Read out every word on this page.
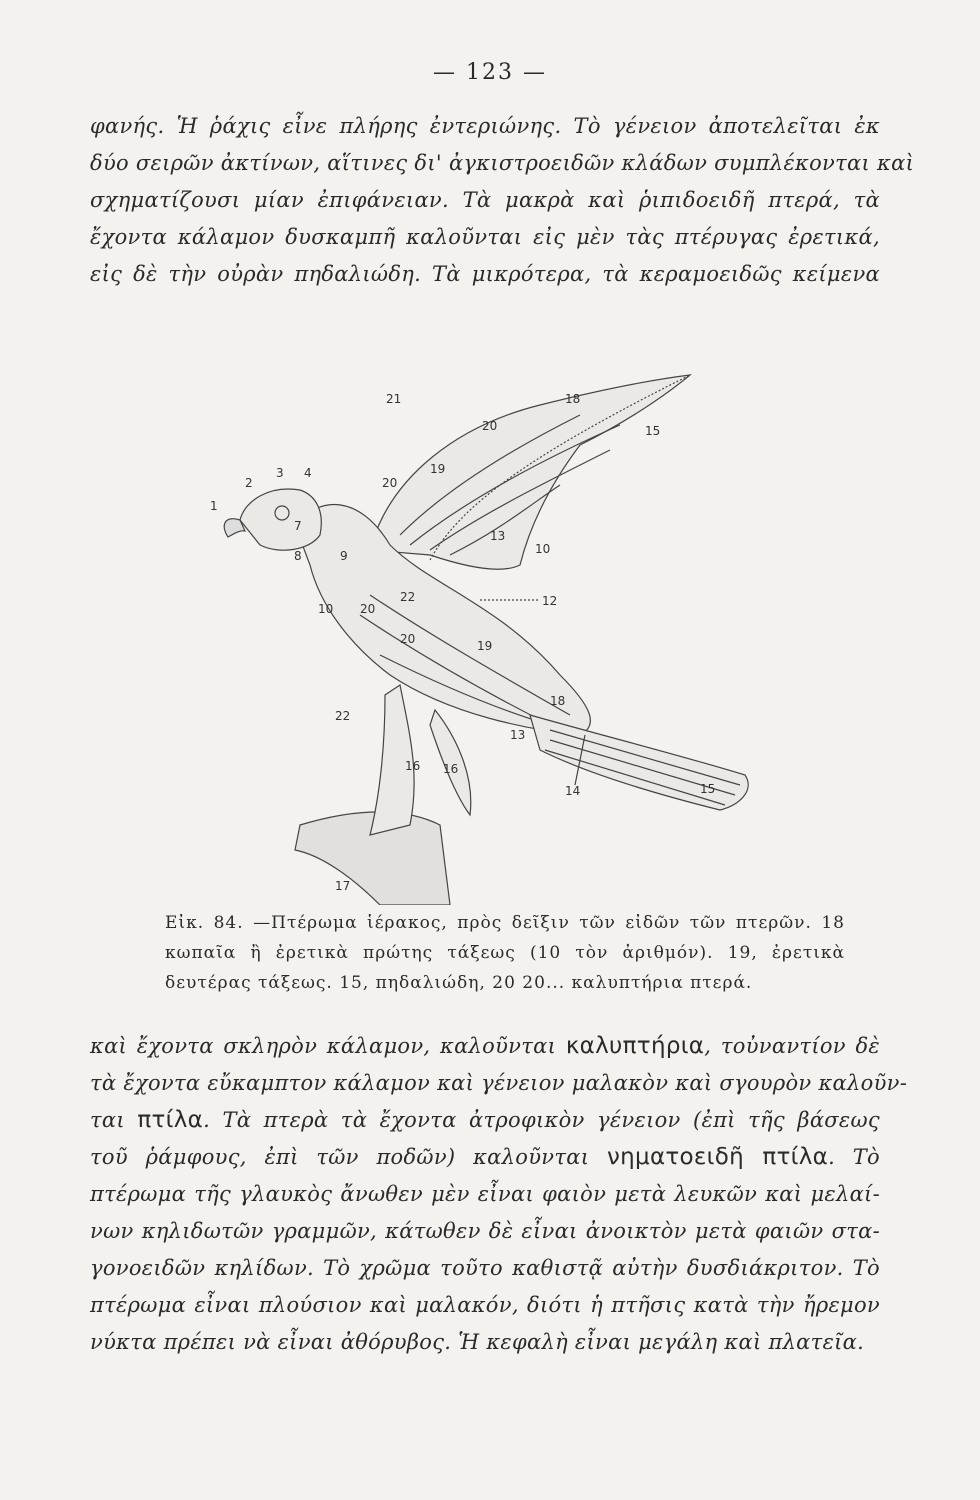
— 123 —
φανής. Ἡ ῥάχις εἶνε πλήρης ἐντεριώνης. Τὸ γένειον ἀποτελεῖται ἐκ
δύο σειρῶν ἀκτίνων, αἵτινες δι' ἀγκιστροειδῶν κλάδων συμπλέκονται καὶ
σχηματίζουσι μίαν ἐπιφάνειαν. Τὰ μακρὰ καὶ ῥιπιδοειδῆ πτερά, τὰ
ἔχοντα κάλαμον δυσκαμπῆ καλοῦνται εἰς μὲν τὰς πτέρυγας ἐρετικά,
εἰς δὲ τὴν οὐρὰν πηδαλιώδη. Τὰ μικρότερα, τὰ κεραμοειδῶς κείμενα
1
2
3 4
7
8	9
10
10
12
13
13
14
15
15
16 16
17
18
18
19
19
20
20
20
20
21
22
22
Εἰκ. 84. —Πτέρωμα ἱέρακος, πρὸς δεῖξιν τῶν εἰδῶν τῶν πτερῶν. 18
κωπαῖα ἢ ἐρετικὰ πρώτης τάξεως (10 τὸν ἀριθμόν). 19, ἐρετικὰ
δευτέρας τάξεως. 15, πηδαλιώδη, 20 20... καλυπτήρια πτερά.
καὶ ἔχοντα σκληρὸν κάλαμον, καλοῦνται καλυπτήρια, τοὐναντίον δὲ
τὰ ἔχοντα εὔκαμπτον κάλαμον καὶ γένειον μαλακὸν καὶ σγουρὸν καλοῦν-
ται πτίλα. Τὰ πτερὰ τὰ ἔχοντα ἀτροφικὸν γένειον (ἐπὶ τῆς βάσεως
τοῦ ῥάμφους, ἐπὶ τῶν ποδῶν) καλοῦνται νηματοειδῆ πτίλα. Τὸ
πτέρωμα τῆς γλαυκὸς ἄνωθεν μὲν εἶναι φαιὸν μετὰ λευκῶν καὶ μελαί-
νων κηλιδωτῶν γραμμῶν, κάτωθεν δὲ εἶναι ἀνοικτὸν μετὰ φαιῶν στα-
γονοειδῶν κηλίδων. Τὸ χρῶμα τοῦτο καθιστᾷ αὐτὴν δυσδιάκριτον. Τὸ
πτέρωμα εἶναι πλούσιον καὶ μαλακόν, διότι ἡ πτῆσις κατὰ τὴν ἤρεμον
νύκτα πρέπει νὰ εἶναι ἀθόρυβος. Ἡ κεφαλὴ εἶναι μεγάλη καὶ πλατεῖα.
